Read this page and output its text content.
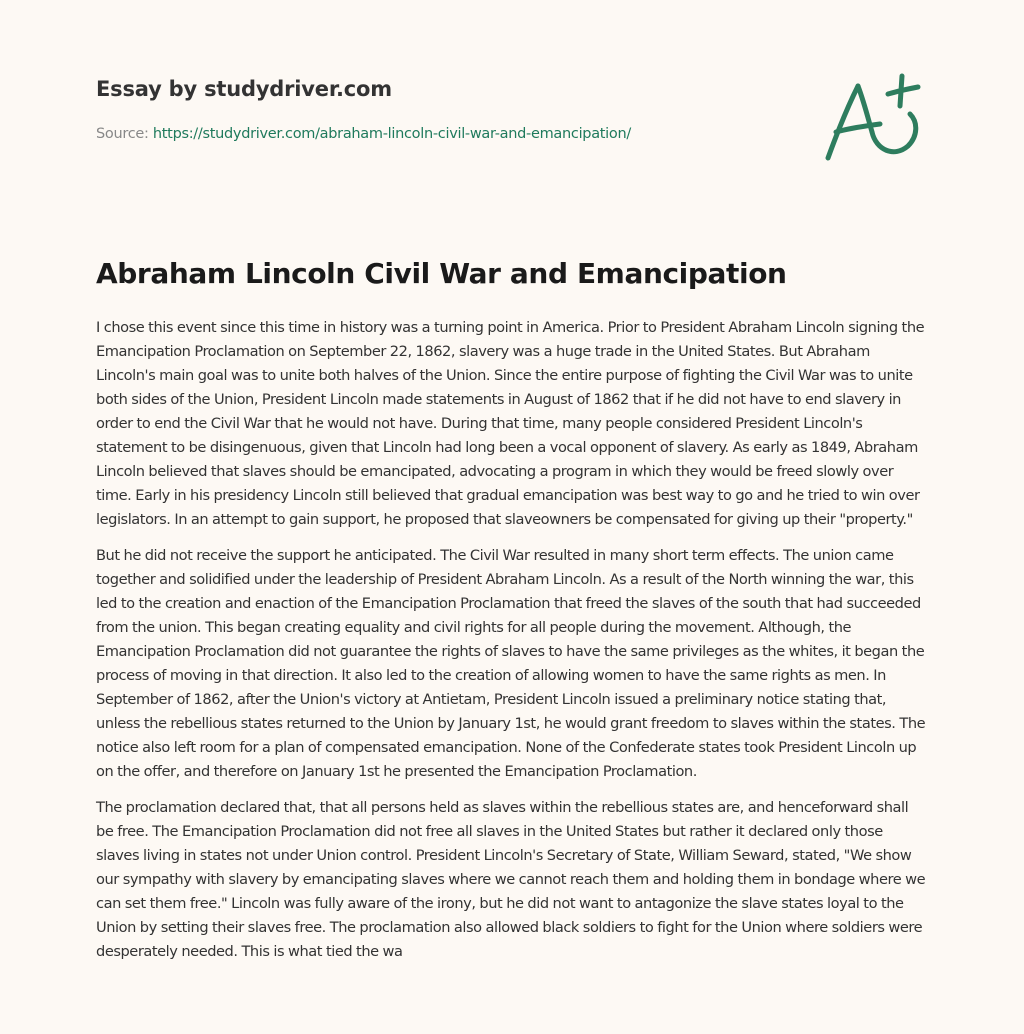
Essay by studydriver.com
Source: https://studydriver.com/abraham-lincoln-civil-war-and-emancipation/
Abraham Lincoln Civil War and Emancipation

I chose this event since this time in history was a turning point in America. Prior to President Abraham Lincoln signing the Emancipation Proclamation on September 22, 1862, slavery was a huge trade in the United States. But Abraham Lincoln's main goal was to unite both halves of the Union. Since the entire purpose of fighting the Civil War was to unite both sides of the Union, President Lincoln made statements in August of 1862 that if he did not have to end slavery in order to end the Civil War that he would not have. During that time, many people considered President Lincoln's statement to be disingenuous, given that Lincoln had long been a vocal opponent of slavery. As early as 1849, Abraham Lincoln believed that slaves should be emancipated, advocating a program in which they would be freed slowly over time. Early in his presidency Lincoln still believed that gradual emancipation was best way to go and he tried to win over legislators. In an attempt to gain support, he proposed that slaveowners be compensated for giving up their "property."

But he did not receive the support he anticipated. The Civil War resulted in many short term effects. The union came together and solidified under the leadership of President Abraham Lincoln. As a result of the North winning the war, this led to the creation and enaction of the Emancipation Proclamation that freed the slaves of the south that had succeeded from the union. This began creating equality and civil rights for all people during the movement. Although, the Emancipation Proclamation did not guarantee the rights of slaves to have the same privileges as the whites, it began the process of moving in that direction. It also led to the creation of allowing women to have the same rights as men. In September of 1862, after the Union's victory at Antietam, President Lincoln issued a preliminary notice stating that, unless the rebellious states returned to the Union by January 1st, he would grant freedom to slaves within the states. The notice also left room for a plan of compensated emancipation. None of the Confederate states took President Lincoln up on the offer, and therefore on January 1st he presented the Emancipation Proclamation.

The proclamation declared that, that all persons held as slaves within the rebellious states are, and henceforward shall be free. The Emancipation Proclamation did not free all slaves in the United States but rather it declared only those slaves living in states not under Union control. President Lincoln's Secretary of State, William Seward, stated, "We show our sympathy with slavery by emancipating slaves where we cannot reach them and holding them in bondage where we can set them free." Lincoln was fully aware of the irony, but he did not want to antagonize the slave states loyal to the Union by setting their slaves free. The proclamation also allowed black soldiers to fight for the Union where soldiers were desperately needed. This is what tied the wa
